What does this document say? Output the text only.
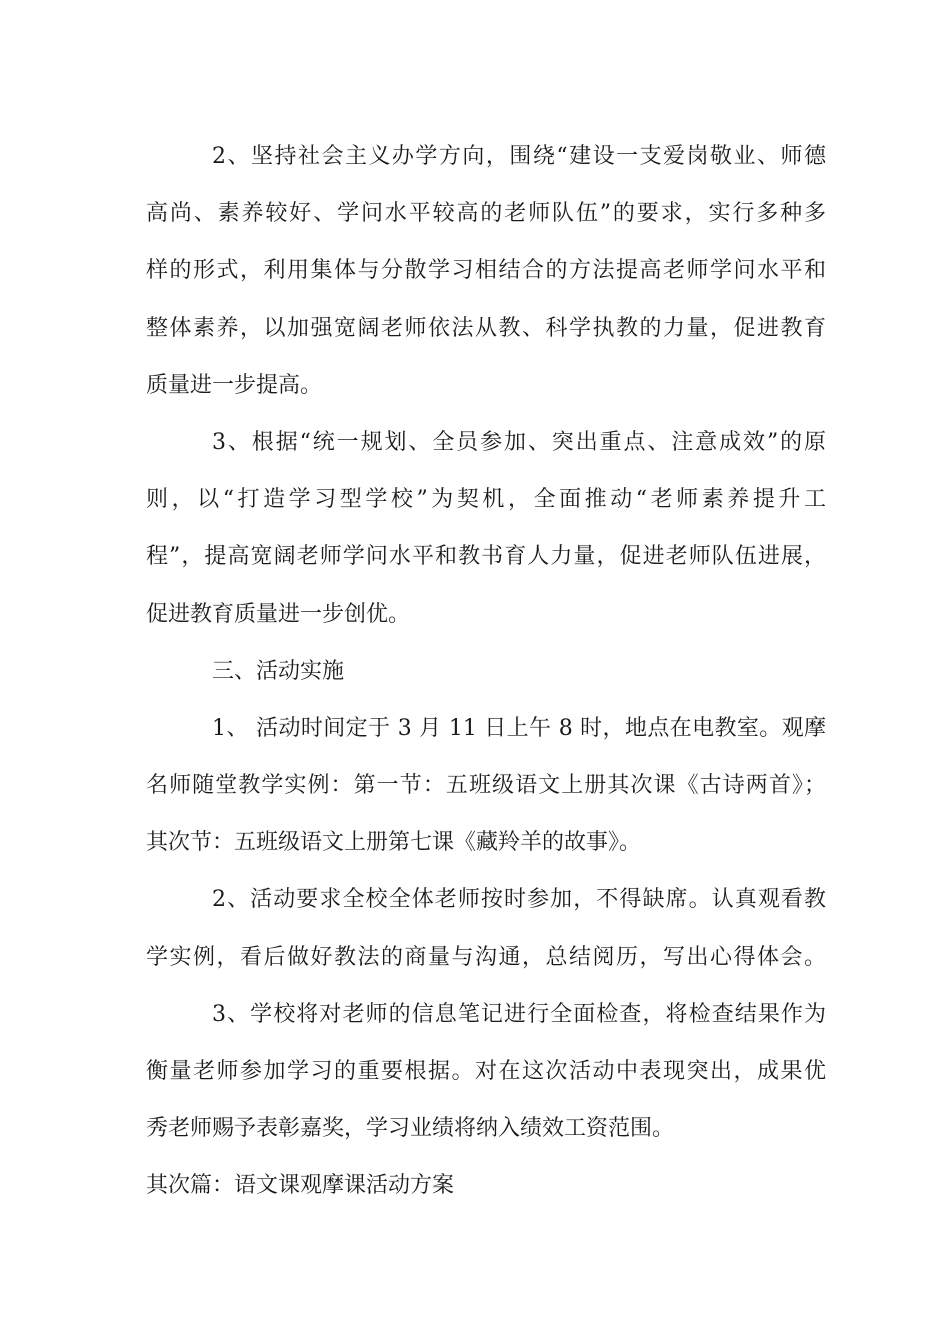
2、坚持社会主义办学方向，围绕“建设一支爱岗敬业、师德
高尚、素养较好、学问水平较高的老师队伍”的要求，实行多种多
样的形式，利用集体与分散学习相结合的方法提高老师学问水平和
整体素养，以加强宽阔老师依法从教、科学执教的力量，促进教育
质量进一步提高。
3、根据“统一规划、全员参加、突出重点、注意成效”的原
则，以“打造学习型学校”为契机，全面推动“老师素养提升工
程”，提高宽阔老师学问水平和教书育人力量，促进老师队伍进展，
促进教育质量进一步创优。
三、活动实施
1、 活动时间定于 3 月 11 日上午 8 时，地点在电教室。观摩
名师随堂教学实例：第一节：五班级语文上册其次课《古诗两首》；
其次节：五班级语文上册第七课《藏羚羊的故事》。
2、活动要求全校全体老师按时参加，不得缺席。认真观看教
学实例，看后做好教法的商量与沟通，总结阅历，写出心得体会。
3、学校将对老师的信息笔记进行全面检查，将检查结果作为
衡量老师参加学习的重要根据。对在这次活动中表现突出，成果优
秀老师赐予表彰嘉奖，学习业绩将纳入绩效工资范围。
其次篇：语文课观摩课活动方案
